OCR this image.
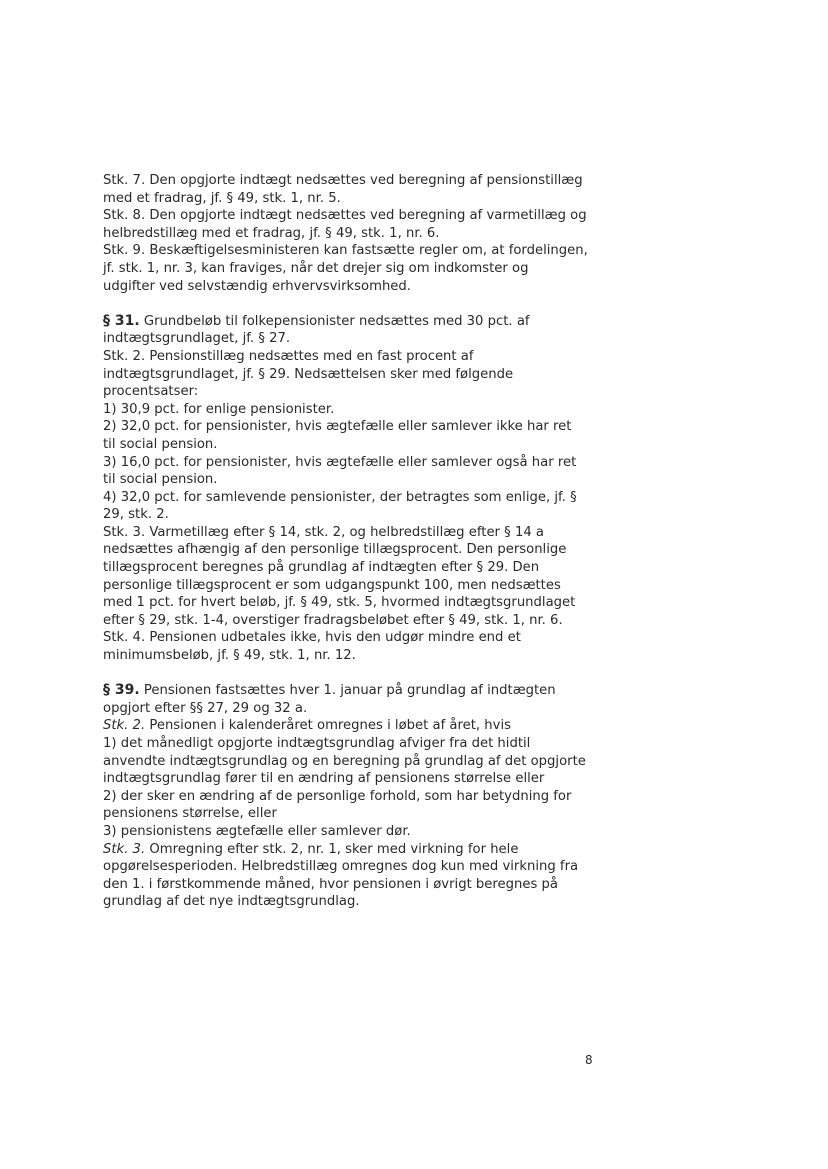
Stk. 7. Den opgjorte indtægt nedsættes ved beregning af pensionstillæg
med et fradrag, jf. § 49, stk. 1, nr. 5.
Stk. 8. Den opgjorte indtægt nedsættes ved beregning af varmetillæg og
helbredstillæg med et fradrag, jf. § 49, stk. 1, nr. 6.
Stk. 9. Beskæftigelsesministeren kan fastsætte regler om, at fordelingen,
jf. stk. 1, nr. 3, kan fraviges, når det drejer sig om indkomster og
udgifter ved selvstændig erhvervsvirksomhed.
§ 31. Grundbeløb til folkepensionister nedsættes med 30 pct. af
indtægtsgrundlaget, jf. § 27.
Stk. 2. Pensionstillæg nedsættes med en fast procent af
indtægtsgrundlaget, jf. § 29. Nedsættelsen sker med følgende
procentsatser:
1) 30,9 pct. for enlige pensionister.
2) 32,0 pct. for pensionister, hvis ægtefælle eller samlever ikke har ret
til social pension.
3) 16,0 pct. for pensionister, hvis ægtefælle eller samlever også har ret
til social pension.
4) 32,0 pct. for samlevende pensionister, der betragtes som enlige, jf. §
29, stk. 2.
Stk. 3. Varmetillæg efter § 14, stk. 2, og helbredstillæg efter § 14 a
nedsættes afhængig af den personlige tillægsprocent. Den personlige
tillægsprocent beregnes på grundlag af indtægten efter § 29. Den
personlige tillægsprocent er som udgangspunkt 100, men nedsættes
med 1 pct. for hvert beløb, jf. § 49, stk. 5, hvormed indtægtsgrundlaget
efter § 29, stk. 1-4, overstiger fradragsbeløbet efter § 49, stk. 1, nr. 6.
Stk. 4. Pensionen udbetales ikke, hvis den udgør mindre end et
minimumsbeløb, jf. § 49, stk. 1, nr. 12.
§ 39. Pensionen fastsættes hver 1. januar på grundlag af indtægten
opgjort efter §§ 27, 29 og 32 a.
Stk. 2. Pensionen i kalenderåret omregnes i løbet af året, hvis
1) det månedligt opgjorte indtægtsgrundlag afviger fra det hidtil
anvendte indtægtsgrundlag og en beregning på grundlag af det opgjorte
indtægtsgrundlag fører til en ændring af pensionens størrelse eller
2) der sker en ændring af de personlige forhold, som har betydning for
pensionens størrelse, eller
3) pensionistens ægtefælle eller samlever dør.
Stk. 3. Omregning efter stk. 2, nr. 1, sker med virkning for hele
opgørelsesperioden. Helbredstillæg omregnes dog kun med virkning fra
den 1. i førstkommende måned, hvor pensionen i øvrigt beregnes på
grundlag af det nye indtægtsgrundlag.
8
